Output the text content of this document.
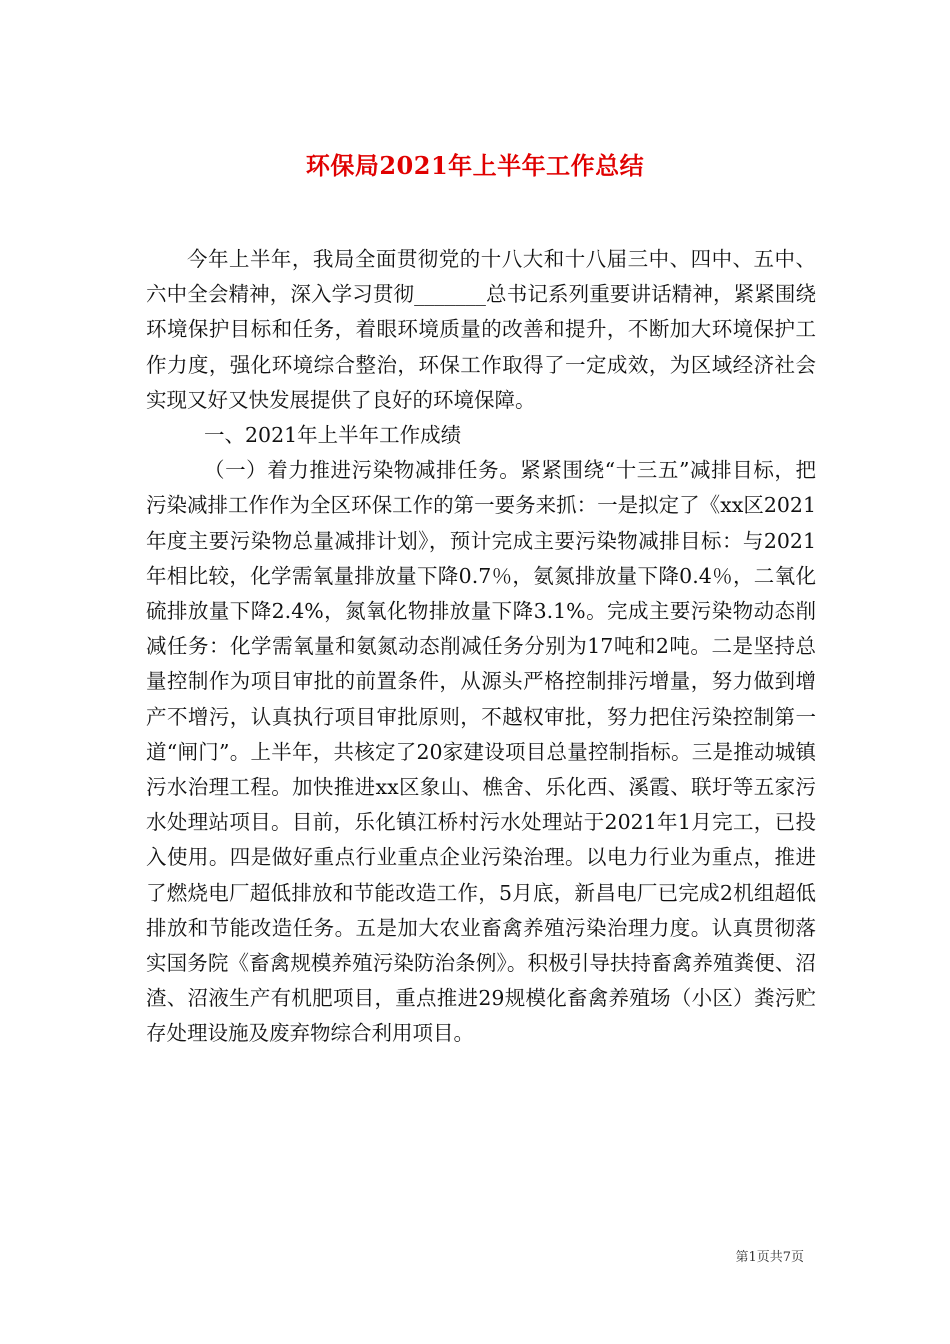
环保局2021年上半年工作总结

今年上半年，我局全面贯彻党的十八大和十八届三中、四中、五中、六中全会精神，深入学习贯彻_______总书记系列重要讲话精神，紧紧围绕环境保护目标和任务，着眼环境质量的改善和提升，不断加大环境保护工作力度，强化环境综合整治，环保工作取得了一定成效，为区域经济社会实现又好又快发展提供了良好的环境保障。

一、2021年上半年工作成绩

（一）着力推进污染物减排任务。紧紧围绕“十三五”减排目标，把污染减排工作作为全区环保工作的第一要务来抓：一是拟定了《xx区2021年度主要污染物总量减排计划》，预计完成主要污染物减排目标：与2021年相比较，化学需氧量排放量下降0.7％，氨氮排放量下降0.4％，二氧化硫排放量下降2.4%，氮氧化物排放量下降3.1%。完成主要污染物动态削减任务：化学需氧量和氨氮动态削减任务分别为17吨和2吨。二是坚持总量控制作为项目审批的前置条件，从源头严格控制排污增量，努力做到增产不增污，认真执行项目审批原则，不越权审批，努力把住污染控制第一道“闸门”。上半年，共核定了20家建设项目总量控制指标。三是推动城镇污水治理工程。加快推进xx区象山、樵舍、乐化西、溪霞、联圩等五家污水处理站项目。目前，乐化镇江桥村污水处理站于2021年1月完工，已投入使用。四是做好重点行业重点企业污染治理。以电力行业为重点，推进了燃烧电厂超低排放和节能改造工作，5月底，新昌电厂已完成2机组超低排放和节能改造任务。五是加大农业畜禽养殖污染治理力度。认真贯彻落实国务院《畜禽规模养殖污染防治条例》。积极引导扶持畜禽养殖粪便、沼渣、沼液生产有机肥项目，重点推进29规模化畜禽养殖场（小区）粪污贮存处理设施及废弃物综合利用项目。

第1页共7页
